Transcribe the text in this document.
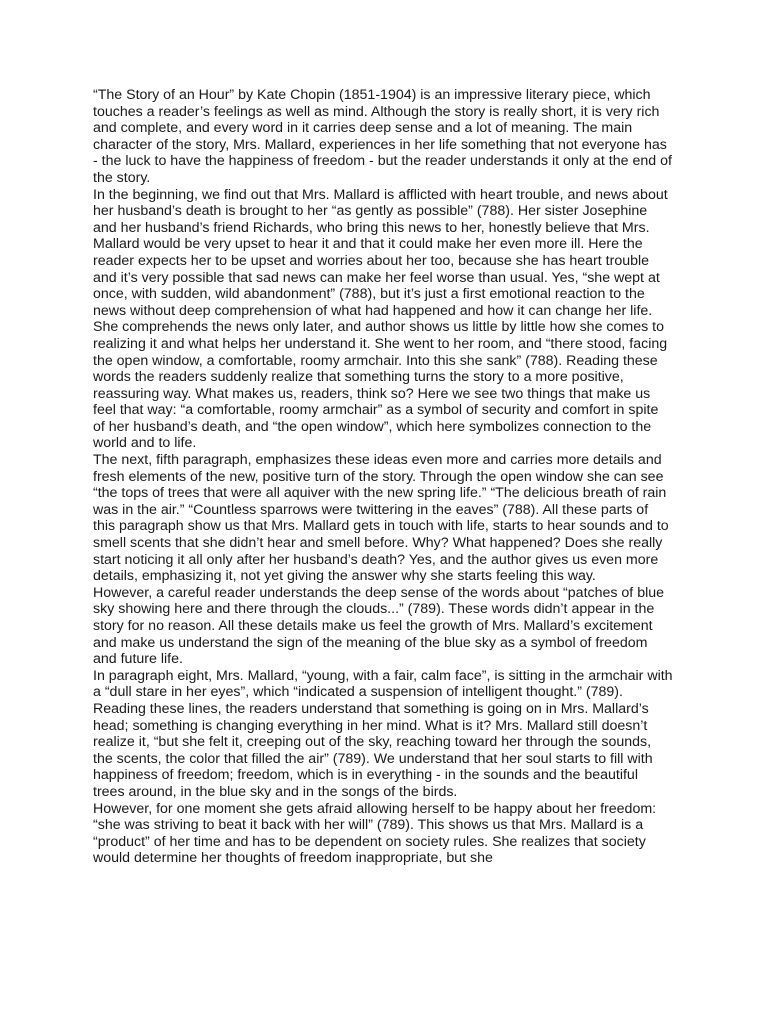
“The Story of an Hour” by Kate Chopin (1851-1904) is an impressive literary piece, which touches a reader’s feelings as well as mind. Although the story is really short, it is very rich and complete, and every word in it carries deep sense and a lot of meaning. The main character of the story, Mrs. Mallard, experiences in her life something that not everyone has - the luck to have the happiness of freedom - but the reader understands it only at the end of the story.

In the beginning, we find out that Mrs. Mallard is afflicted with heart trouble, and news about her husband’s death is brought to her “as gently as possible” (788). Her sister Josephine and her husband’s friend Richards, who bring this news to her, honestly believe that Mrs. Mallard would be very upset to hear it and that it could make her even more ill. Here the reader expects her to be upset and worries about her too, because she has heart trouble and it’s very possible that sad news can make her feel worse than usual. Yes, “she wept at once, with sudden, wild abandonment” (788), but it’s just a first emotional reaction to the news without deep comprehension of what had happened and how it can change her life.

She comprehends the news only later, and author shows us little by little how she comes to realizing it and what helps her understand it. She went to her room, and “there stood, facing the open window, a comfortable, roomy armchair. Into this she sank” (788). Reading these words the readers suddenly realize that something turns the story to a more positive, reassuring way. What makes us, readers, think so? Here we see two things that make us feel that way: “a comfortable, roomy armchair” as a symbol of security and comfort in spite of her husband’s death, and “the open window”, which here symbolizes connection to the world and to life.

The next, fifth paragraph, emphasizes these ideas even more and carries more details and fresh elements of the new, positive turn of the story. Through the open window she can see “the tops of trees that were all aquiver with the new spring life.” “The delicious breath of rain was in the air.” “Countless sparrows were twittering in the eaves” (788). All these parts of this paragraph show us that Mrs. Mallard gets in touch with life, starts to hear sounds and to smell scents that she didn’t hear and smell before. Why? What happened? Does she really start noticing it all only after her husband’s death? Yes, and the author gives us even more details, emphasizing it, not yet giving the answer why she starts feeling this way.

However, a careful reader understands the deep sense of the words about “patches of blue sky showing here and there through the clouds...” (789). These words didn’t appear in the story for no reason. All these details make us feel the growth of Mrs. Mallard’s excitement and make us understand the sign of the meaning of the blue sky as a symbol of freedom and future life.

In paragraph eight, Mrs. Mallard, “young, with a fair, calm face”, is sitting in the armchair with a “dull stare in her eyes”, which “indicated a suspension of intelligent thought.” (789). Reading these lines, the readers understand that something is going on in Mrs. Mallard’s head; something is changing everything in her mind. What is it? Mrs. Mallard still doesn’t realize it, “but she felt it, creeping out of the sky, reaching toward her through the sounds, the scents, the color that filled the air” (789). We understand that her soul starts to fill with happiness of freedom; freedom, which is in everything - in the sounds and the beautiful trees around, in the blue sky and in the songs of the birds.

However, for one moment she gets afraid allowing herself to be happy about her freedom: “she was striving to beat it back with her will” (789). This shows us that Mrs. Mallard is a “product” of her time and has to be dependent on society rules. She realizes that society would determine her thoughts of freedom inappropriate, but she
